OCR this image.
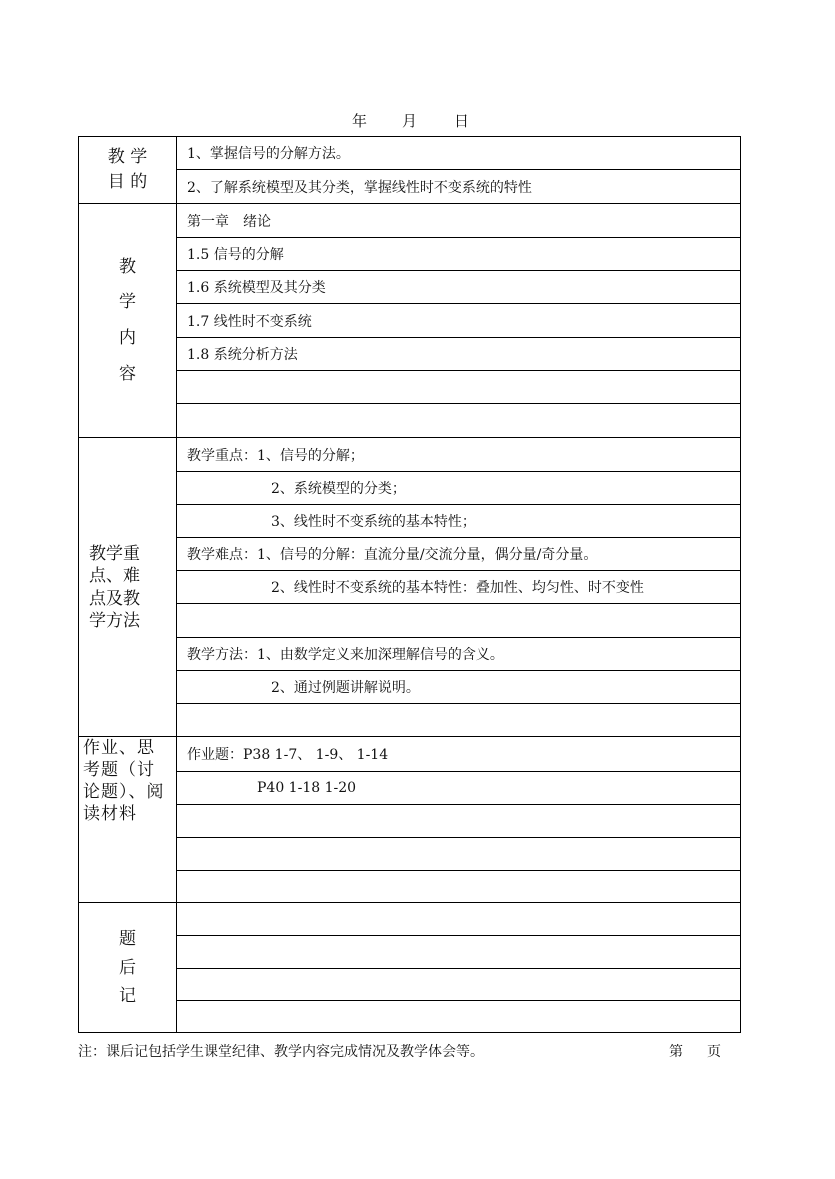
年 月 日
教 学
目 的
1、掌握信号的分解方法。
2、了解系统模型及其分类，掌握线性时不变系统的特性
教

学

内

容
第一章　绪论
1.5 信号的分解
1.6 系统模型及其分类
1.7 线性时不变系统
1.8 系统分析方法
教学重
点、难
点及教
学方法
教学重点：1、信号的分解；
2、系统模型的分类；
3、线性时不变系统的基本特性；
教学难点：1、信号的分解：直流分量/交流分量，偶分量/奇分量。
2、线性时不变系统的基本特性：叠加性、均匀性、时不变性
教学方法：1、由数学定义来加深理解信号的含义。
2、通过例题讲解说明。
作业、思
考题（讨
论题）、阅
读材料
作业题：P38 1-7、 1-9、 1-14
P40 1-18 1-20
题
后
记
注：课后记包括学生课堂纪律、教学内容完成情况及教学体会等。	第 页
